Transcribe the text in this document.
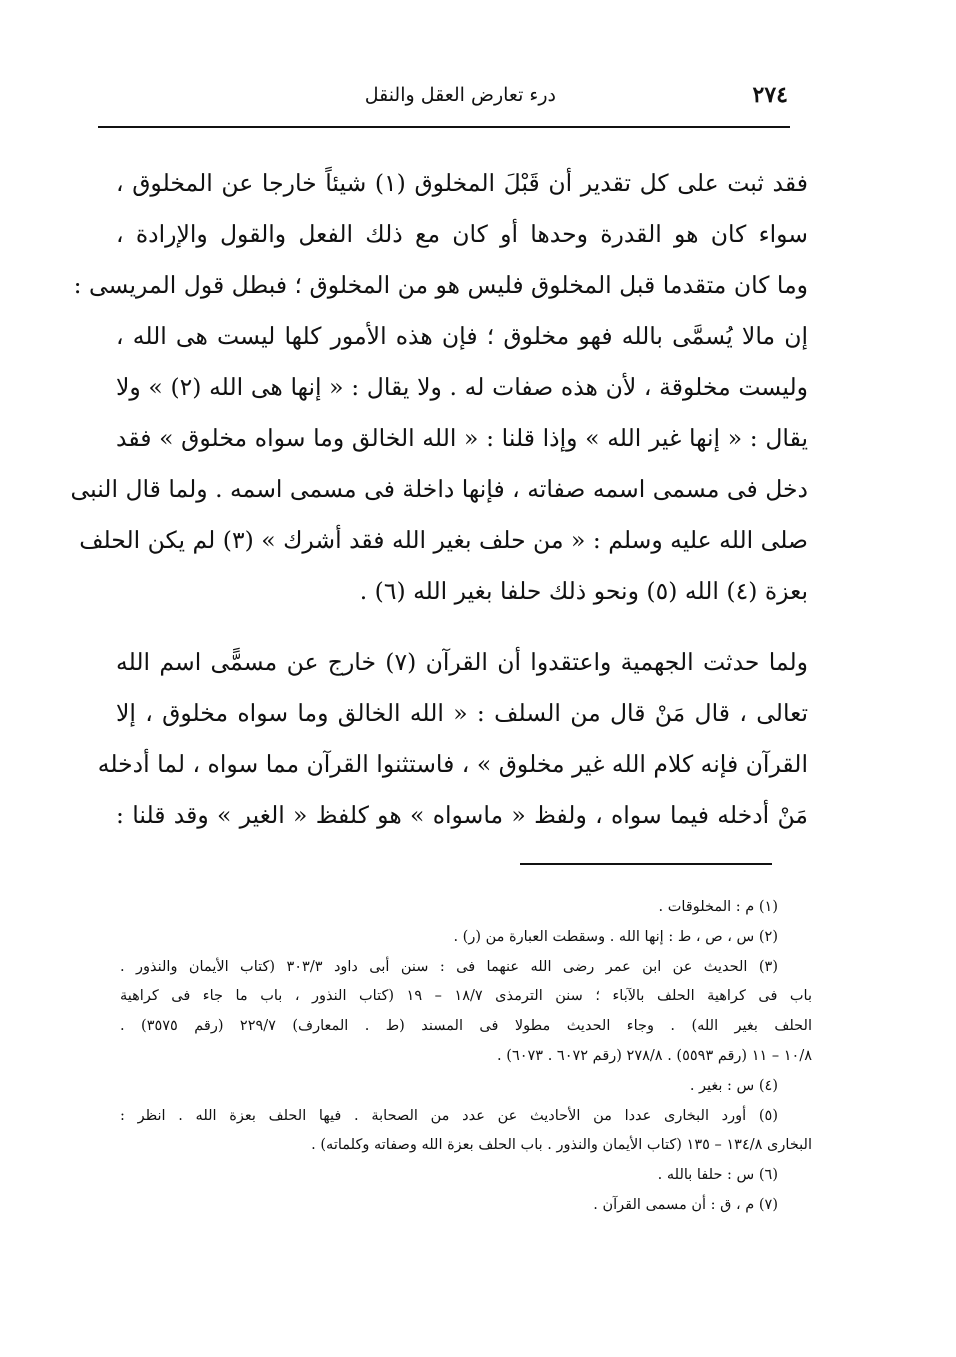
٢٧٤
درء تعارض العقل والنقل
فقد ثبت على كل تقدير أن قَبْلَ المخلوق (١) شيئاً خارجا عن المخلوق ،
سواء كان هو القدرة وحدها أو كان مع ذلك الفعل والقول والإرادة ،
وما كان متقدما قبل المخلوق فليس هو من المخلوق ؛ فبطل قول المريسى :
إن مالا يُسمَّى بالله فهو مخلوق ؛ فإن هذه الأمور كلها ليست هى الله ،
وليست مخلوقة ، لأن هذه صفات له . ولا يقال : « إنها هى الله (٢) » ولا
يقال : « إنها غير الله » وإذا قلنا : « الله الخالق وما سواه مخلوق » فقد
دخل فى مسمى اسمه صفاته ، فإنها داخلة فى مسمى اسمه . ولما قال النبى
صلى الله عليه وسلم : « من حلف بغير الله فقد أشرك » (٣) لم يكن الحلف
بعزة (٤) الله (٥) ونحو ذلك حلفا بغير الله (٦) .
ولما حدثت الجهمية واعتقدوا أن القرآن (٧) خارج عن مسمًّى اسم الله
تعالى ، قال مَنْ قال من السلف : « الله الخالق وما سواه مخلوق ، إلا
القرآن فإنه كلام الله غير مخلوق » ، فاستثنوا القرآن مما سواه ، لما أدخله
مَنْ أدخله فيما سواه ، ولفظ « ماسواه » هو كلفظ « الغير » وقد قلنا :
(١) م : المخلوقات .
(٢) س ، ص ، ط : إنها الله . وسقطت العبارة من (ر) .
(٣) الحديث عن ابن عمر رضى الله عنهما فى : سنن أبى داود ٣٠٣/٣ (كتاب الأيمان والنذور .
باب فى كراهية الحلف بالآباء ؛ سنن الترمذى ١٨/٧ – ١٩ (كتاب النذور ، باب ما جاء فى كراهية
الحلف بغير الله) . وجاء الحديث مطولا فى المسند (ط . المعارف) ٢٢٩/٧ (رقم ٣٥٧٥) .
١٠/٨ – ١١ (رقم ٥٥٩٣) . ٢٧٨/٨ (رقم ٦٠٧٢ . ٦٠٧٣) .
(٤) س : بغير .
(٥) أورد البخارى عددا من الأحاديث عن عدد من الصحابة . فيها الحلف بعزة الله . انظر :
البخارى ١٣٤/٨ – ١٣٥ (كتاب الأيمان والنذور . باب الحلف بعزة الله وصفاته وكلماته) .
(٦) س : حلفا بالله .
(٧) م ، ق : أن مسمى القرآن .
